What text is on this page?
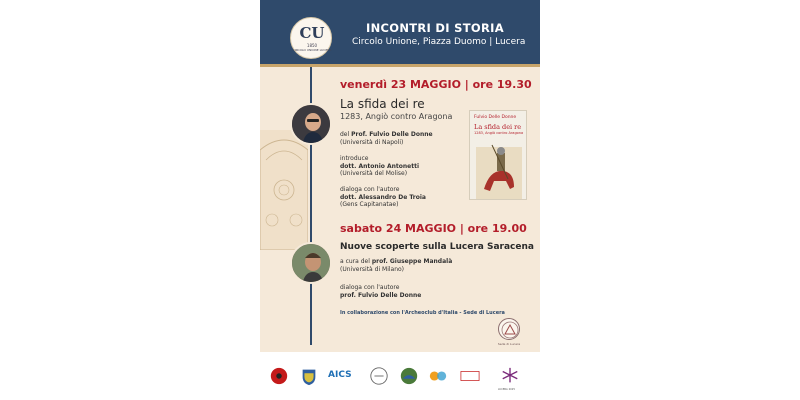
CU
1850
CIRCOLO UNIONE LUCERA
INCONTRI DI STORIA
Circolo Unione, Piazza Duomo | Lucera
venerdì 23 MAGGIO | ore 19.30
La sfida dei re
1283, Angiò contro Aragona
del Prof. Fulvio Delle Donne
(Università di Napoli)
introduce
dott. Antonio Antonetti
(Università del Molise)
dialoga con l'autore
dott. Alessandro De Troia
(Gens Capitanatae)
Fulvio Delle Donne
La sfida dei re
1283, Angiò contro Aragona
sabato 24 MAGGIO | ore 19.00
Nuove scoperte sulla Lucera Saracena
a cura del prof. Giuseppe Mandalà
(Università di Milano)
dialoga con l'autore
prof. Fulvio Delle Donne
In collaborazione con l'Archeoclub d'Italia - Sede di Lucera
Sede di Lucera
AICS
LUCERA 2025
